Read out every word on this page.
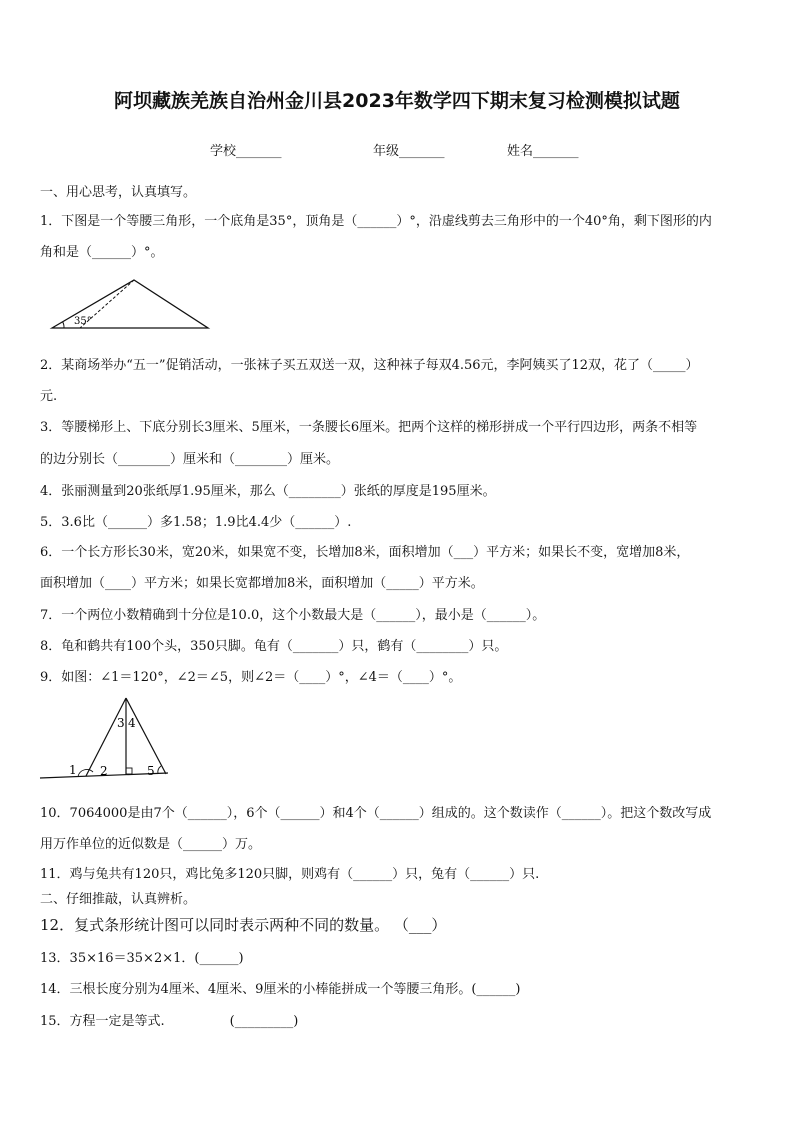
阿坝藏族羌族自治州金川县2023年数学四下期末复习检测模拟试题
学校_______	年级_______	姓名_______
一、用心思考，认真填写。
1．下图是一个等腰三角形，一个底角是35°，顶角是（______）°，沿虚线剪去三角形中的一个40°角，剩下图形的内
角和是（______）°。
35°
2．某商场举办“五一”促销活动，一张袜子买五双送一双，这种袜子每双4.56元，李阿姨买了12双，花了（_____）
元.
3．等腰梯形上、下底分别长3厘米、5厘米，一条腰长6厘米。把两个这样的梯形拼成一个平行四边形，两条不相等
的边分别长（________）厘米和（________）厘米。
4．张丽测量到20张纸厚1.95厘米，那么（________）张纸的厚度是195厘米。
5．3.6比（______）多1.58；1.9比4.4少（______）.
6．一个长方形长30米，宽20米，如果宽不变，长增加8米，面积增加（___）平方米；如果长不变，宽增加8米，
面积增加（____）平方米；如果长宽都增加8米，面积增加（_____）平方米。
7．一个两位小数精确到十分位是10.0，这个小数最大是（______），最小是（______）。
8．龟和鹤共有100个头，350只脚。龟有（_______）只，鹤有（________）只。
9．如图：∠1＝120°，∠2＝∠5，则∠2＝（____）°，∠4＝（____）°。
1 2
3 4
5
10．7064000是由7个（______），6个（______）和4个（______）组成的。这个数读作（______）。把这个数改写成
用万作单位的近似数是（______）万。
11．鸡与兔共有120只，鸡比兔多120只脚，则鸡有（______）只，兔有（______）只.
二、仔细推敲，认真辨析。
12．复式条形统计图可以同时表示两种不同的数量。 （___）
13．35×16＝35×2×1．(______)
14．三根长度分别为4厘米、4厘米、9厘米的小棒能拼成一个等腰三角形。(______)
15．方程一定是等式.　　　　　(_________)
